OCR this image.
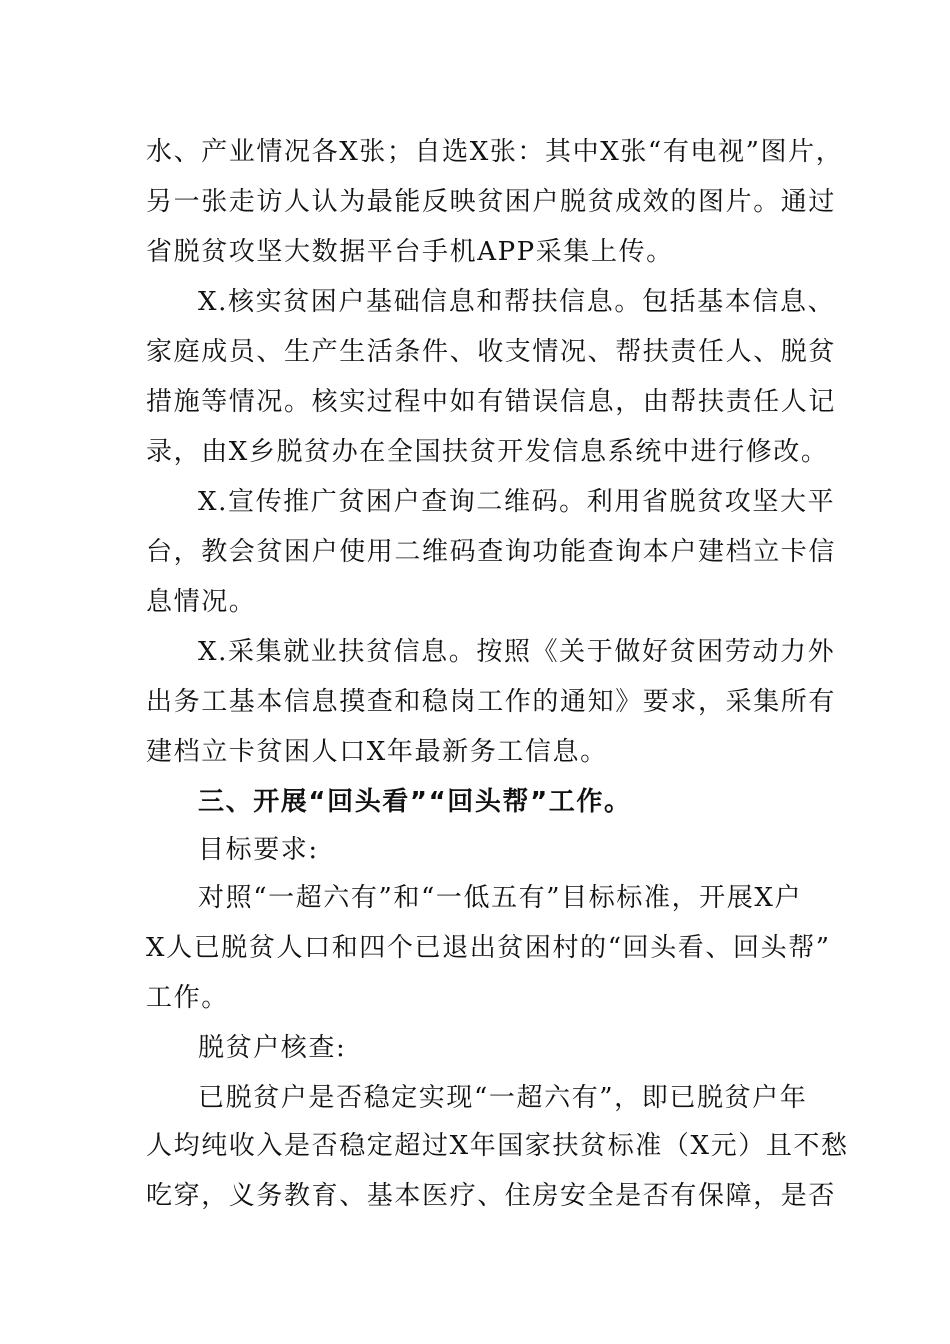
水、产业情况各X张；自选X张：其中X张“有电视”图片，
另一张走访人认为最能反映贫困户脱贫成效的图片。通过
省脱贫攻坚大数据平台手机APP采集上传。
X.核实贫困户基础信息和帮扶信息。包括基本信息、
家庭成员、生产生活条件、收支情况、帮扶责任人、脱贫
措施等情况。核实过程中如有错误信息，由帮扶责任人记
录，由X乡脱贫办在全国扶贫开发信息系统中进行修改。
X.宣传推广贫困户查询二维码。利用省脱贫攻坚大平
台，教会贫困户使用二维码查询功能查询本户建档立卡信
息情况。
X.采集就业扶贫信息。按照《关于做好贫困劳动力外
出务工基本信息摸查和稳岗工作的通知》要求，采集所有
建档立卡贫困人口X年最新务工信息。
三、开展“回头看”“回头帮”工作。
目标要求:
对照“一超六有”和“一低五有”目标标准，开展X户
X人已脱贫人口和四个已退出贫困村的“回头看、回头帮”
工作。
脱贫户核查:
已脱贫户是否稳定实现“一超六有”，即已脱贫户年
人均纯收入是否稳定超过X年国家扶贫标准（X元）且不愁
吃穿，义务教育、基本医疗、住房安全是否有保障，是否
